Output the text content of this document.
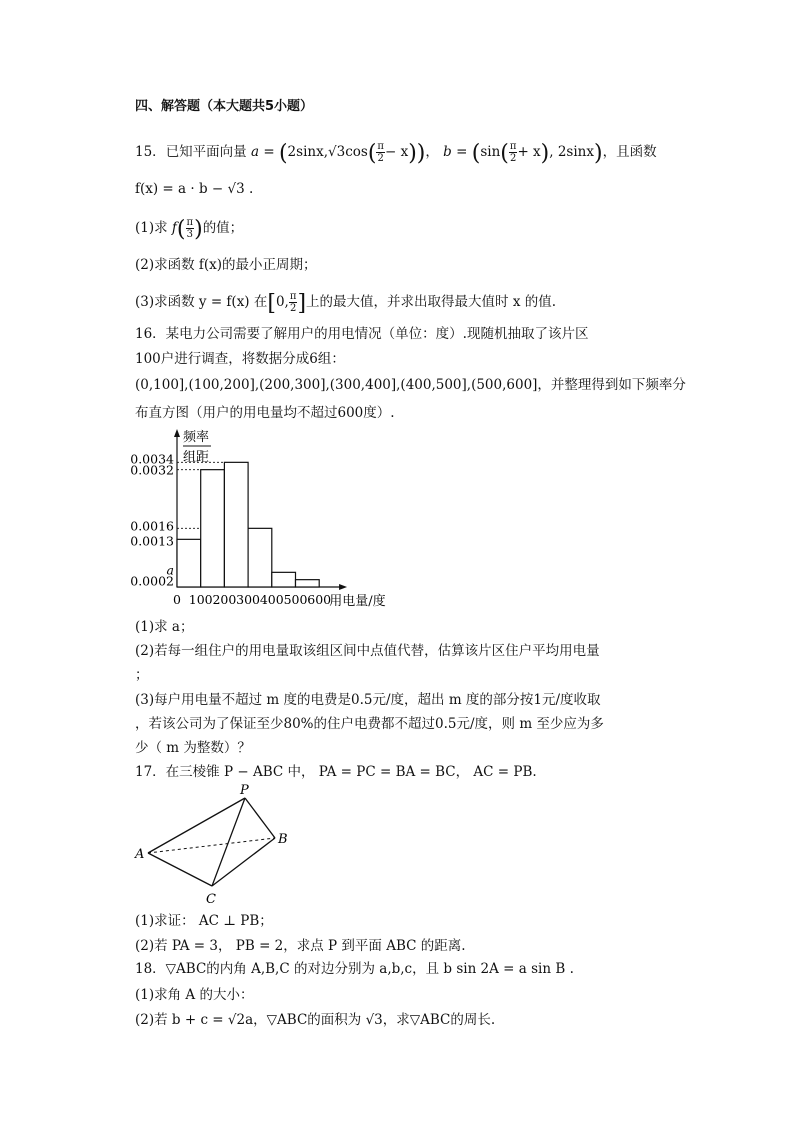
四、解答题（本大题共5小题）
15．已知平面向量 $a = (2\sin x,√3\cos( \frac{\pi}{2} - x))$， $b = (\sin( \frac{\pi}{2} + x)$, 2sinx)，且函数
f(x) = a · b − √3 .
(1)求 $f( \frac{\pi}{3}$ )的值；
(2)求函数 f(x)的最小正周期；
(3)求函数 y = f(x) 在[0, $\frac{\pi}{2}$ ]上的最大值，并求出取得最大值时 x 的值.
16．某电力公司需要了解用户的用电情况（单位：度）.现随机抽取了该片区
100户进行调查，将数据分成6组：
(0,100],(100,200],(200,300],(300,400],(400,500],(500,600]，并整理得到如下频率分
布直方图（用户的用电量均不超过600度）.
频率
组距
0.0034
0.0032
0.0016
0.0013
a
0.0002
0 100 200 300 400 500 600
用电量/度
(1)求 a；
(2)若每一组住户的用电量取该组区间中点值代替，估算该片区住户平均用电量
；
(3)每户用电量不超过 m 度的电费是0.5元/度，超出 m 度的部分按1元/度收取
，若该公司为了保证至少80%的住户电费都不超过0.5元/度，则 m 至少应为多
少（ m 为整数）？
17．在三棱锥 P − ABC 中， PA = PC = BA = BC， AC = PB.
P
A
B
C
(1)求证： AC ⊥ PB；
(2)若 PA = 3， PB = 2，求点 P 到平面 ABC 的距离.
18．▽ABC的内角 A,B,C 的对边分别为 a,b,c，且 b sin 2A = a sin B .
(1)求角 A 的大小：
(2)若 b + c = √2a，▽ABC的面积为 √3，求▽ABC的周长.
